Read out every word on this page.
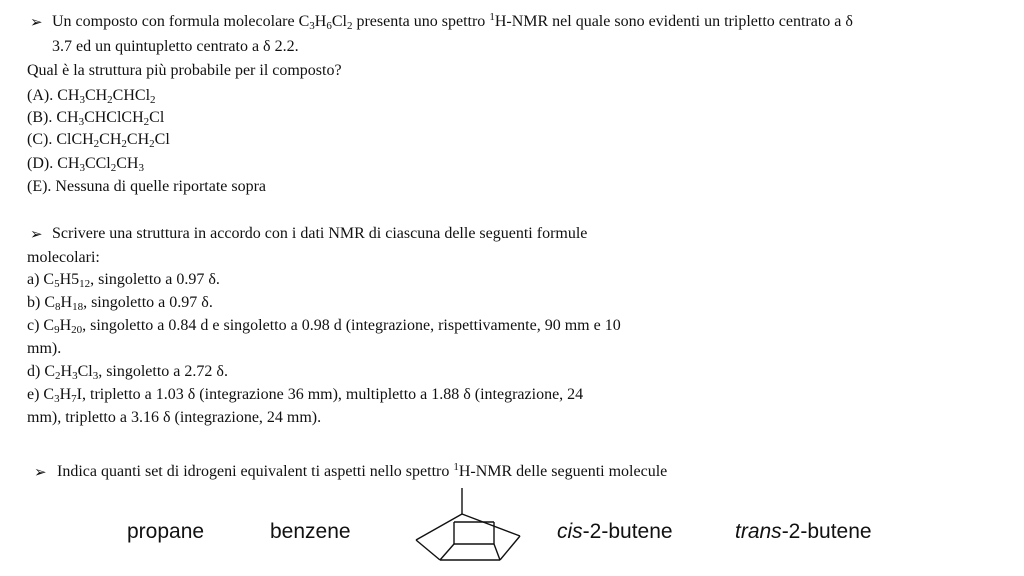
➢ Un composto con formula molecolare $C_3H_6Cl_2$ presenta uno spettro $^1$H-NMR nel quale sono evidenti un tripletto centrato a δ
3.7 ed un quintupletto centrato a δ 2.2.
Qual è la struttura più probabile per il composto?
(A). $CH_3CH_2CHCl_2$
(B). $CH_3CHClCH_2Cl$
(C). $ClCH_2CH_2CH_2Cl$
(D). $CH_3CCl_2CH_3$
(E). Nessuna di quelle riportate sopra
➢ Scrivere una struttura in accordo con i dati NMR di ciascuna delle seguenti formule
molecolari:
a) $C_5H5_{12}$, singoletto a 0.97 δ.
b) $C_8H_{18}$, singoletto a 0.97 δ.
c) $C_9H_{20}$, singoletto a 0.84 d e singoletto a 0.98 d (integrazione, rispettivamente, 90 mm e 10
mm).
d) $C_2H_3Cl_3$, singoletto a 2.72 δ.
e) $C_3H_7I$, tripletto a 1.03 δ (integrazione 36 mm), multipletto a 1.88 δ (integrazione, 24
mm), tripletto a 3.16 δ (integrazione, 24 mm).
➢ Indica quanti set di idrogeni equivalent ti aspetti nello spettro $^1$H-NMR delle seguenti molecule
propane	benzene	cis-2-butene	trans-2-butene
